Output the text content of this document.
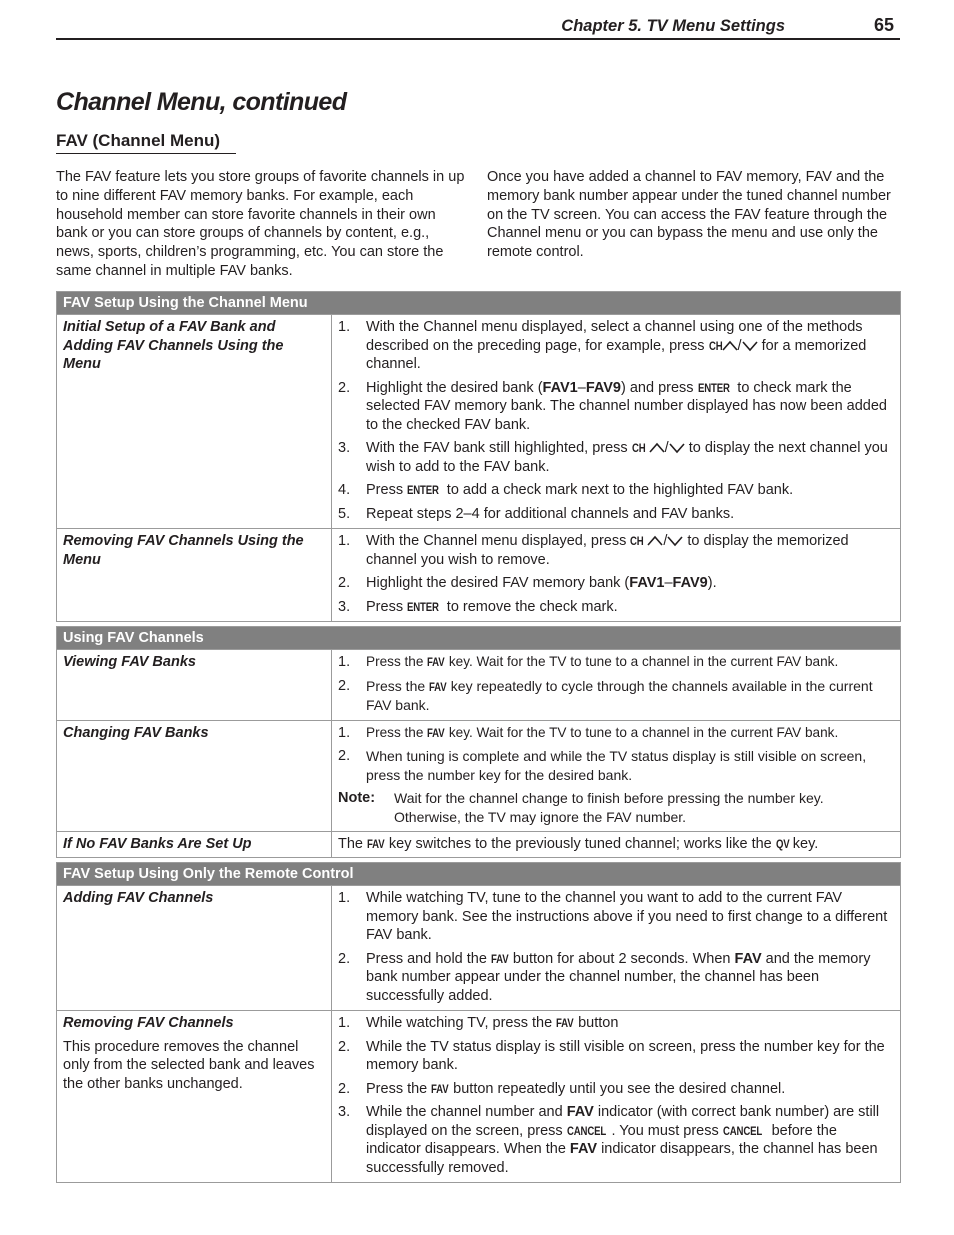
Chapter 5. TV Menu Settings	65
Channel Menu, continued
FAV (Channel Menu)

The FAV feature lets you store groups of favorite channels in up to nine different FAV memory banks. For example, each household member can store favorite channels in their own bank or you can store groups of channels by content, e.g., news, sports, children’s programming, etc. You can store the same channel in multiple FAV banks.

Once you have added a channel to FAV memory, FAV and the memory bank number appear under the tuned channel number on the TV screen. You can access the FAV feature through the Channel menu or you can bypass the menu and use only the remote control.

FAV Setup Using the Channel Menu
Initial Setup of a FAV Bank and Adding FAV Channels Using the Menu
1.	With the Channel menu displayed, select a channel using one of the methods described on the preceding page, for example, press CH / for a memorized channel.
2.	Highlight the desired bank (FAV1–FAV9) and press ENTER to check mark the selected FAV memory bank. The channel number displayed has now been added to the checked FAV bank.
3.	With the FAV bank still highlighted, press CH / to display the next channel you wish to add to the FAV bank.
4.	Press ENTER to add a check mark next to the highlighted FAV bank.
5.	Repeat steps 2–4 for additional channels and FAV banks.
Removing FAV Channels Using the Menu
1.	With the Channel menu displayed, press CH / to display the memorized channel you wish to remove.
2.	Highlight the desired FAV memory bank (FAV1–FAV9).
3.	Press ENTER to remove the check mark.
Using FAV Channels
Viewing FAV Banks	1.	Press the FAV key. Wait for the TV to tune to a channel in the current FAV bank.
2.	Press the FAV key repeatedly to cycle through the channels available in the current FAV bank.
Changing FAV Banks	1.	Press the FAV key. Wait for the TV to tune to a channel in the current FAV bank.
2.	When tuning is complete and while the TV status display is still visible on screen, press the number key for the desired bank.
Note:	Wait for the channel change to finish before pressing the number key. Otherwise, the TV may ignore the FAV number.
If No FAV Banks Are Set Up	The FAV key switches to the previously tuned channel; works like the QV key.
FAV Setup Using Only the Remote Control
Adding FAV Channels	1.	While watching TV, tune to the channel you want to add to the current FAV memory bank. See the instructions above if you need to first change to a different FAV bank.
2.	Press and hold the FAV button for about 2 seconds. When FAV and the memory bank number appear under the channel number, the channel has been successfully added.
Removing FAV Channels
This procedure removes the channel only from the selected bank and leaves the other banks unchanged.
1.	While watching TV, press the FAV button
2.	While the TV status display is still visible on screen, press the number key for the memory bank.
2.	Press the FAV button repeatedly until you see the desired channel.
3.	While the channel number and FAV indicator (with correct bank number) are still displayed on the screen, press CANCEL . You must press CANCEL before the indicator disappears. When the FAV indicator disappears, the channel has been successfully removed.
